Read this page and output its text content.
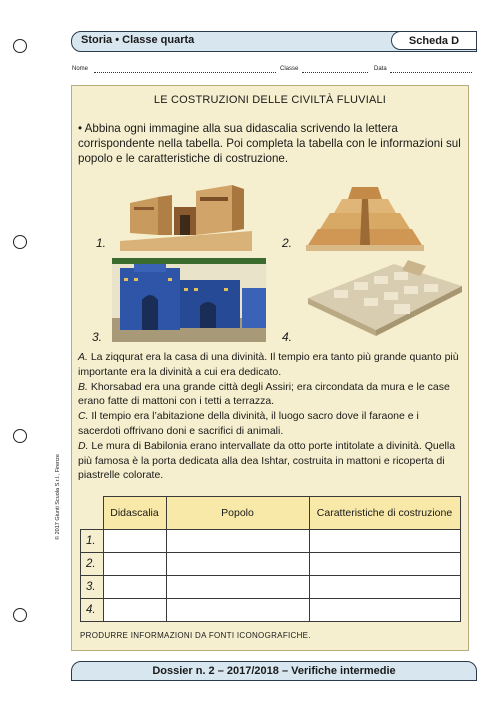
Storia • Classe quarta	Scheda D
Nome	Classe	Data
LE COSTRUZIONI DELLE CIVILTÀ FLUVIALI
• Abbina ogni immagine alla sua didascalia scrivendo la lettera corrispondente nella tabella. Poi completa la tabella con le informazioni sul popolo e le caratteristiche di costruzione.
1.	2.
3.	4.

A. La ziqqurat era la casa di una divinità. Il tempio era tanto più grande quanto più importante era la divinità a cui era dedicato.

B. Khorsabad era una grande città degli Assiri; era circondata da mura e le case erano fatte di mattoni con i tetti a terrazza.

C. Il tempio era l’abitazione della divinità, il luogo sacro dove il faraone e i sacerdoti offrivano doni e sacrifici di animali.

D. Le mura di Babilonia erano intervallate da otto porte intitolate a divinità. Quella più famosa è la porta dedicata alla dea Ishtar, costruita in mattoni e ricoperta di piastrelle colorate.

	Didascalia	Popolo	Caratteristiche di costruzione
1.			
2.			
3.			
4.			
PRODURRE INFORMAZIONI DA FONTI ICONOGRAFICHE.
© 2017 Giunti Scuola S.r.l., Firenze
Dossier n. 2 – 2017/2018 – Verifiche intermedie
